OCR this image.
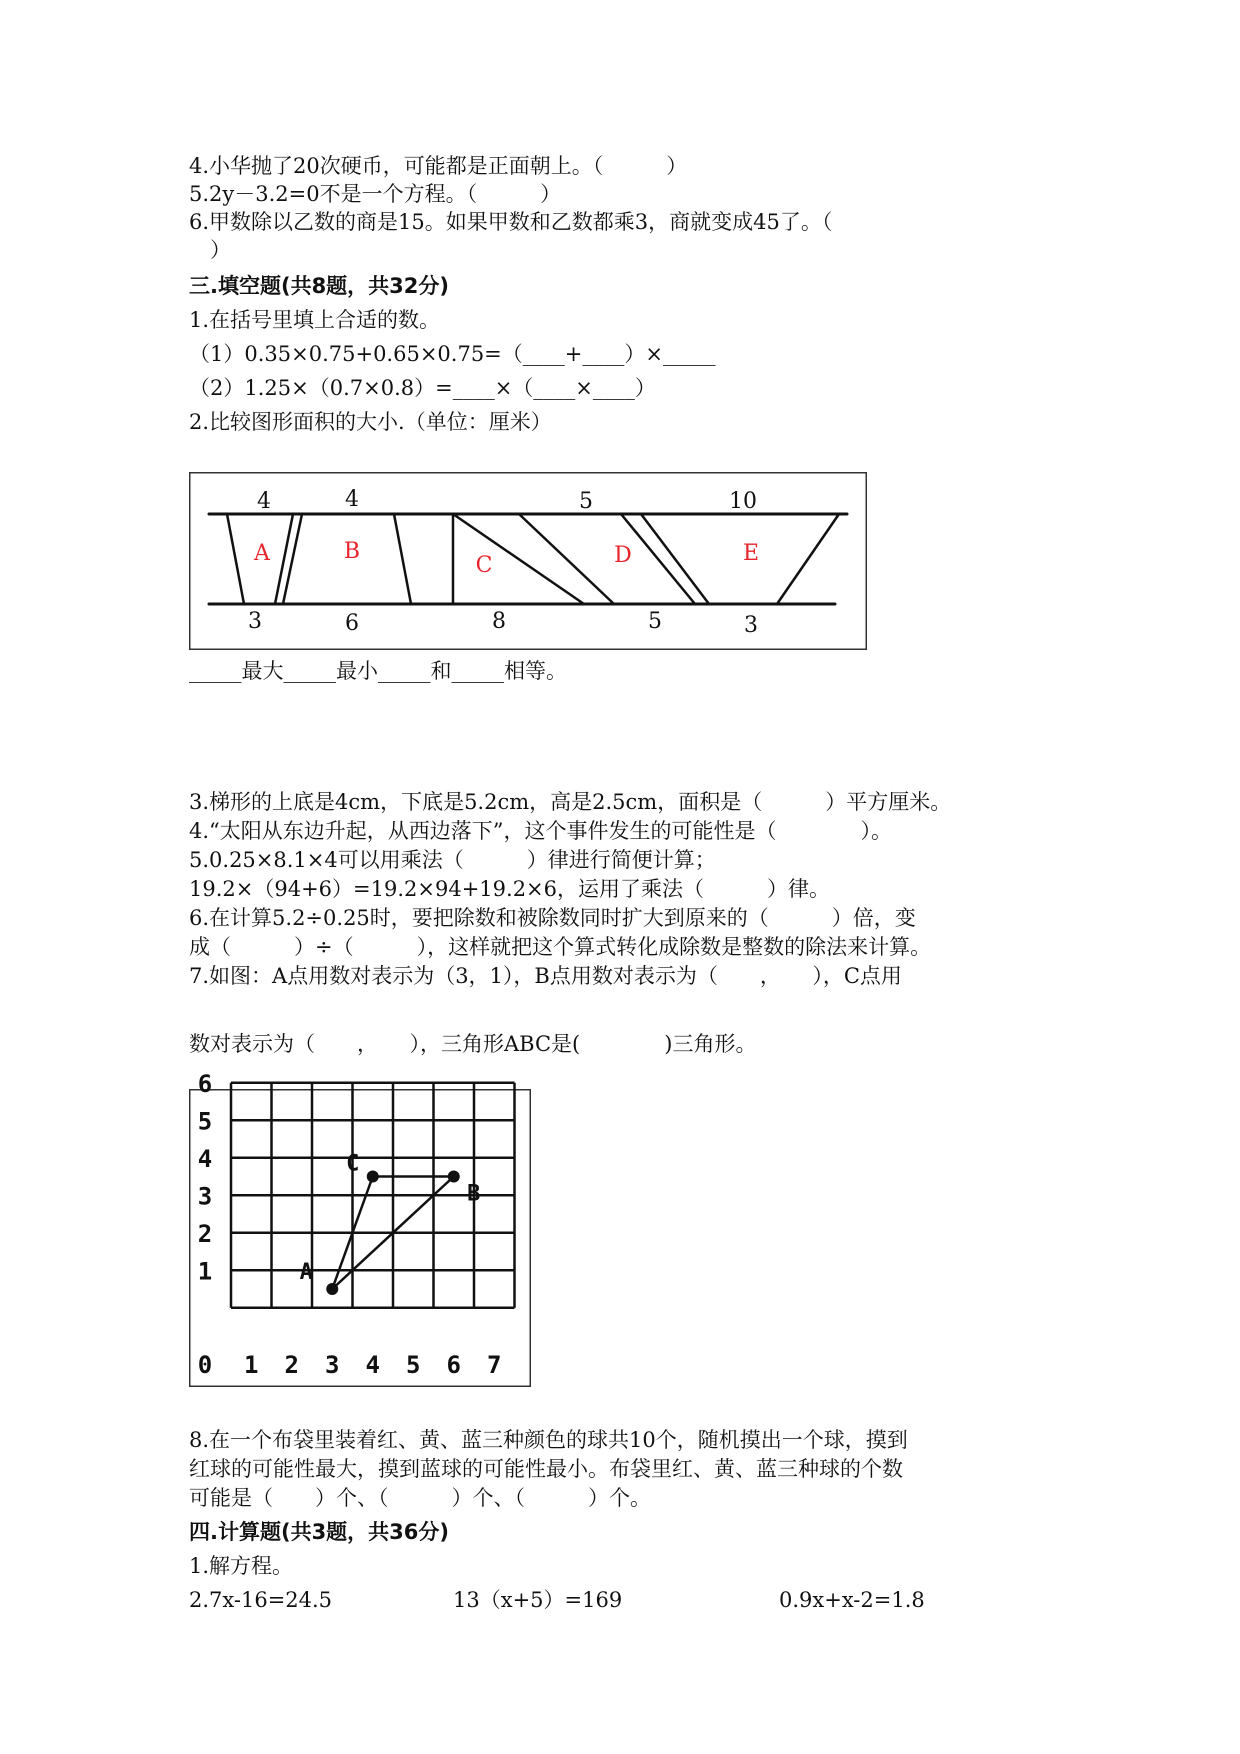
4.小华抛了20次硬币，可能都是正面朝上。（　　　）
5.2y－3.2=0不是一个方程。（　　　）
6.甲数除以乙数的商是15。如果甲数和乙数都乘3，商就变成45了。（
　）
三.填空题(共8题，共32分)
1.在括号里填上合适的数。
（1）0.35×0.75+0.65×0.75=（____+____）×_____
（2）1.25×（0.7×0.8）=____×（____×____）
2.比较图形面积的大小.（单位：厘米）
4	4	5	10
3	6	8	5	3
A	B
C	D	E
_____最大_____最小_____和_____相等。
3.梯形的上底是4cm，下底是5.2cm，高是2.5cm，面积是（　　　）平方厘米。
4.“太阳从东边升起，从西边落下”，这个事件发生的可能性是（　　　　）。
5.0.25×8.1×4可以用乘法（　　　）律进行简便计算；
19.2×（94+6）=19.2×94+19.2×6，运用了乘法（　　　）律。
6.在计算5.2÷0.25时，要把除数和被除数同时扩大到原来的（　　　）倍，变
成（　　　）÷（　　　），这样就把这个算式转化成除数是整数的除法来计算。
7.如图：A点用数对表示为（3，1），B点用数对表示为（　　，　　），C点用
数对表示为（　　，　　），三角形ABC是(　　　　)三角形。
6
5
4
3
2
1
0 1 2 3 4 5 6 7
A
B
C
8.在一个布袋里装着红、黄、蓝三种颜色的球共10个，随机摸出一个球，摸到
红球的可能性最大，摸到蓝球的可能性最小。布袋里红、黄、蓝三种球的个数
可能是（　　）个、（　　　）个、（　　　）个。
四.计算题(共3题，共36分)
1.解方程。
2.7x-16=24.5	13（x+5）=169	0.9x+x-2=1.8
